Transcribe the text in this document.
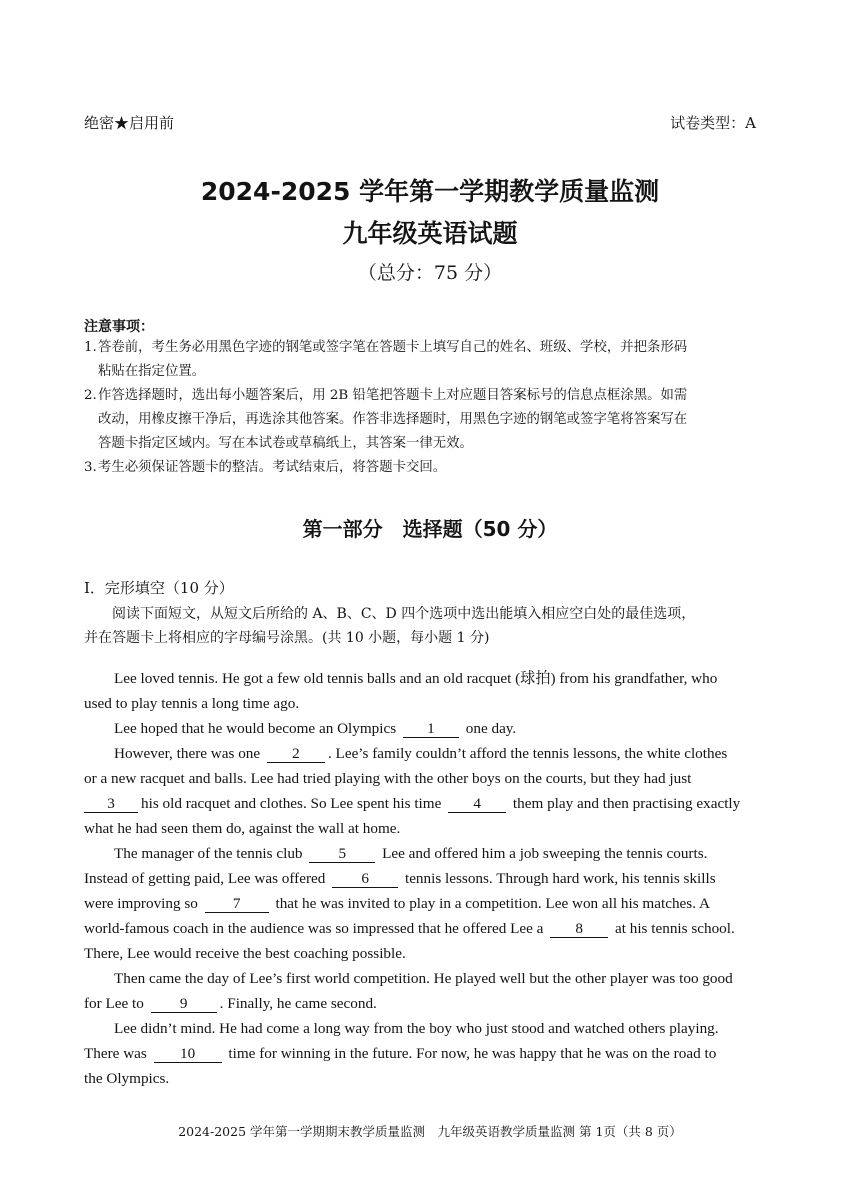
绝密★启用前	试卷类型：A
2024-2025 学年第一学期教学质量监测
九年级英语试题
（总分：75 分）
注意事项：
1. 答卷前，考生务必用黑色字迹的钢笔或签字笔在答题卡上填写自己的姓名、班级、学校，并把条形码
粘贴在指定位置。
2. 作答选择题时，选出每小题答案后，用 2B 铅笔把答题卡上对应题目答案标号的信息点框涂黑。如需
改动，用橡皮擦干净后，再选涂其他答案。作答非选择题时，用黑色字迹的钢笔或签字笔将答案写在
答题卡指定区域内。写在本试卷或草稿纸上，其答案一律无效。
3. 考生必须保证答题卡的整洁。考试结束后，将答题卡交回。
第一部分　选择题（50 分）
I．完形填空（10 分）
阅读下面短文，从短文后所给的 A、B、C、D 四个选项中选出能填入相应空白处的最佳选项，
并在答题卡上将相应的字母编号涂黑。(共 10 小题，每小题 1 分)
Lee loved tennis. He got a few old tennis balls and an old racquet (球拍) from his grandfather, who
used to play tennis a long time ago.
Lee hoped that he would become an Olympics 1 one day.
However, there was one 2 . Lee’s family couldn’t afford the tennis lessons, the white clothes
or a new racquet and balls. Lee had tried playing with the other boys on the courts, but they had just
3 his old racquet and clothes. So Lee spent his time 4 them play and then practising exactly
what he had seen them do, against the wall at home.
The manager of the tennis club 5 Lee and offered him a job sweeping the tennis courts.
Instead of getting paid, Lee was offered 6 tennis lessons. Through hard work, his tennis skills
were improving so 7 that he was invited to play in a competition. Lee won all his matches. A
world-famous coach in the audience was so impressed that he offered Lee a 8 at his tennis school.
There, Lee would receive the best coaching possible.
Then came the day of Lee’s first world competition. He played well but the other player was too good
for Lee to 9 . Finally, he came second.
Lee didn’t mind. He had come a long way from the boy who just stood and watched others playing.
There was 10 time for winning in the future. For now, he was happy that he was on the road to
the Olympics.
2024-2025 学年第一学期期末教学质量监测　九年级英语教学质量监测 第 1页（共 8 页）
